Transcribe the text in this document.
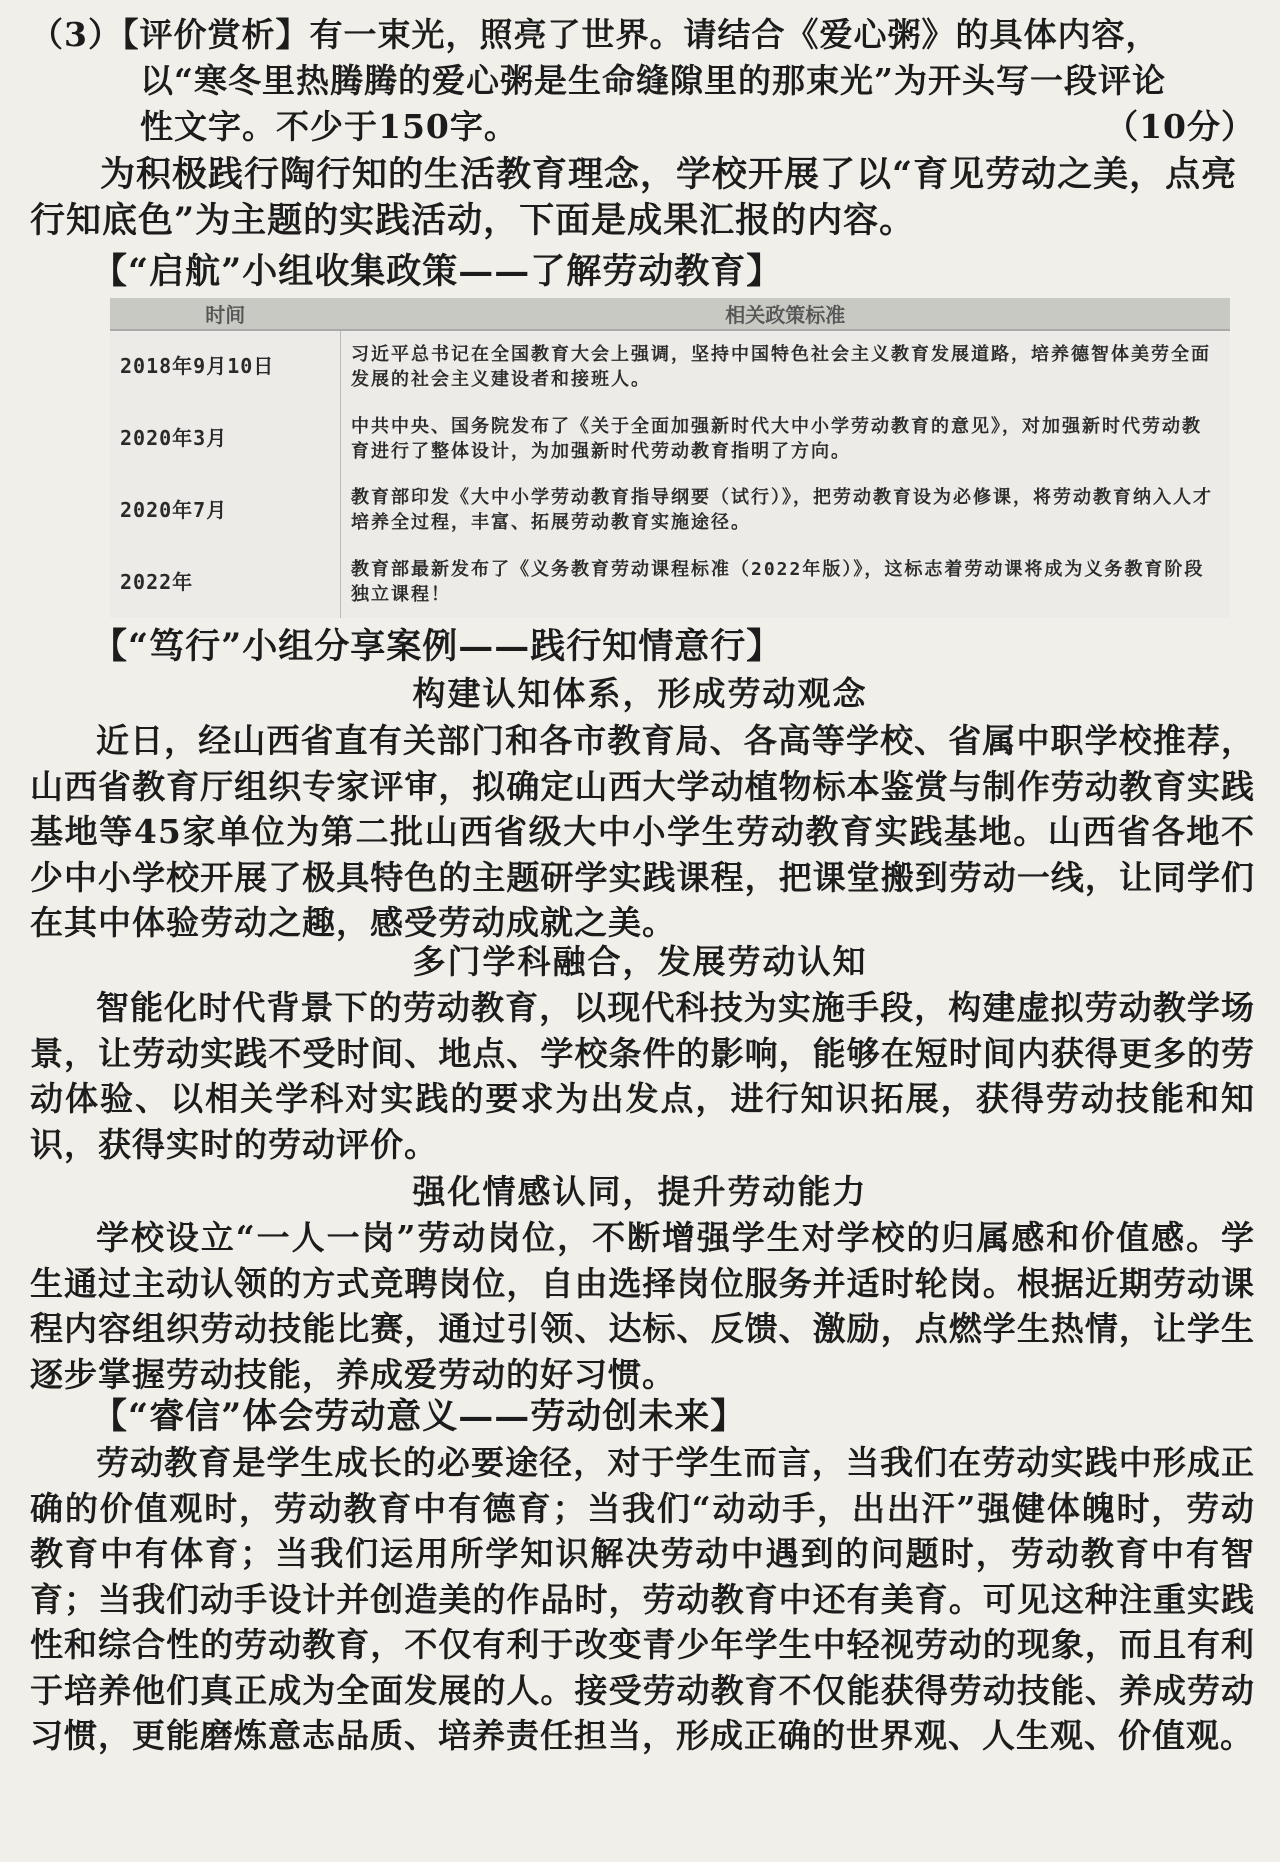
（3）【评价赏析】有一束光，照亮了世界。请结合《爱心粥》的具体内容，
以“寒冬里热腾腾的爱心粥是生命缝隙里的那束光”为开头写一段评论
性文字。不少于150字。	（10分）
为积极践行陶行知的生活教育理念，学校开展了以“育见劳动之美，点亮行知底色”为主题的实践活动，下面是成果汇报的内容。
【“启航”小组收集政策——了解劳动教育】
时间	相关政策标准
2018年9月10日	习近平总书记在全国教育大会上强调，坚持中国特色社会主义教育发展道路，培养德智体美劳全面发展的社会主义建设者和接班人。
2020年3月	中共中央、国务院发布了《关于全面加强新时代大中小学劳动教育的意见》，对加强新时代劳动教育进行了整体设计，为加强新时代劳动教育指明了方向。
2020年7月	教育部印发《大中小学劳动教育指导纲要（试行）》，把劳动教育设为必修课，将劳动教育纳入人才培养全过程，丰富、拓展劳动教育实施途径。
2022年	教育部最新发布了《义务教育劳动课程标准（2022年版）》，这标志着劳动课将成为义务教育阶段独立课程！
【“笃行”小组分享案例——践行知情意行】
构建认知体系，形成劳动观念
近日，经山西省直有关部门和各市教育局、各高等学校、省属中职学校推荐，山西省教育厅组织专家评审，拟确定山西大学动植物标本鉴赏与制作劳动教育实践基地等45家单位为第二批山西省级大中小学生劳动教育实践基地。山西省各地不少中小学校开展了极具特色的主题研学实践课程，把课堂搬到劳动一线，让同学们在其中体验劳动之趣，感受劳动成就之美。
多门学科融合，发展劳动认知
智能化时代背景下的劳动教育，以现代科技为实施手段，构建虚拟劳动教学场景，让劳动实践不受时间、地点、学校条件的影响，能够在短时间内获得更多的劳动体验、以相关学科对实践的要求为出发点，进行知识拓展，获得劳动技能和知识，获得实时的劳动评价。
强化情感认同，提升劳动能力
学校设立“一人一岗”劳动岗位，不断增强学生对学校的归属感和价值感。学生通过主动认领的方式竞聘岗位，自由选择岗位服务并适时轮岗。根据近期劳动课程内容组织劳动技能比赛，通过引领、达标、反馈、激励，点燃学生热情，让学生逐步掌握劳动技能，养成爱劳动的好习惯。
【“睿信”体会劳动意义——劳动创未来】
劳动教育是学生成长的必要途径，对于学生而言，当我们在劳动实践中形成正确的价值观时，劳动教育中有德育；当我们“动动手，出出汗”强健体魄时，劳动教育中有体育；当我们运用所学知识解决劳动中遇到的问题时，劳动教育中有智育；当我们动手设计并创造美的作品时，劳动教育中还有美育。可见这种注重实践性和综合性的劳动教育，不仅有利于改变青少年学生中轻视劳动的现象，而且有利于培养他们真正成为全面发展的人。接受劳动教育不仅能获得劳动技能、养成劳动习惯，更能磨炼意志品质、培养责任担当，形成正确的世界观、人生观、价值观。
